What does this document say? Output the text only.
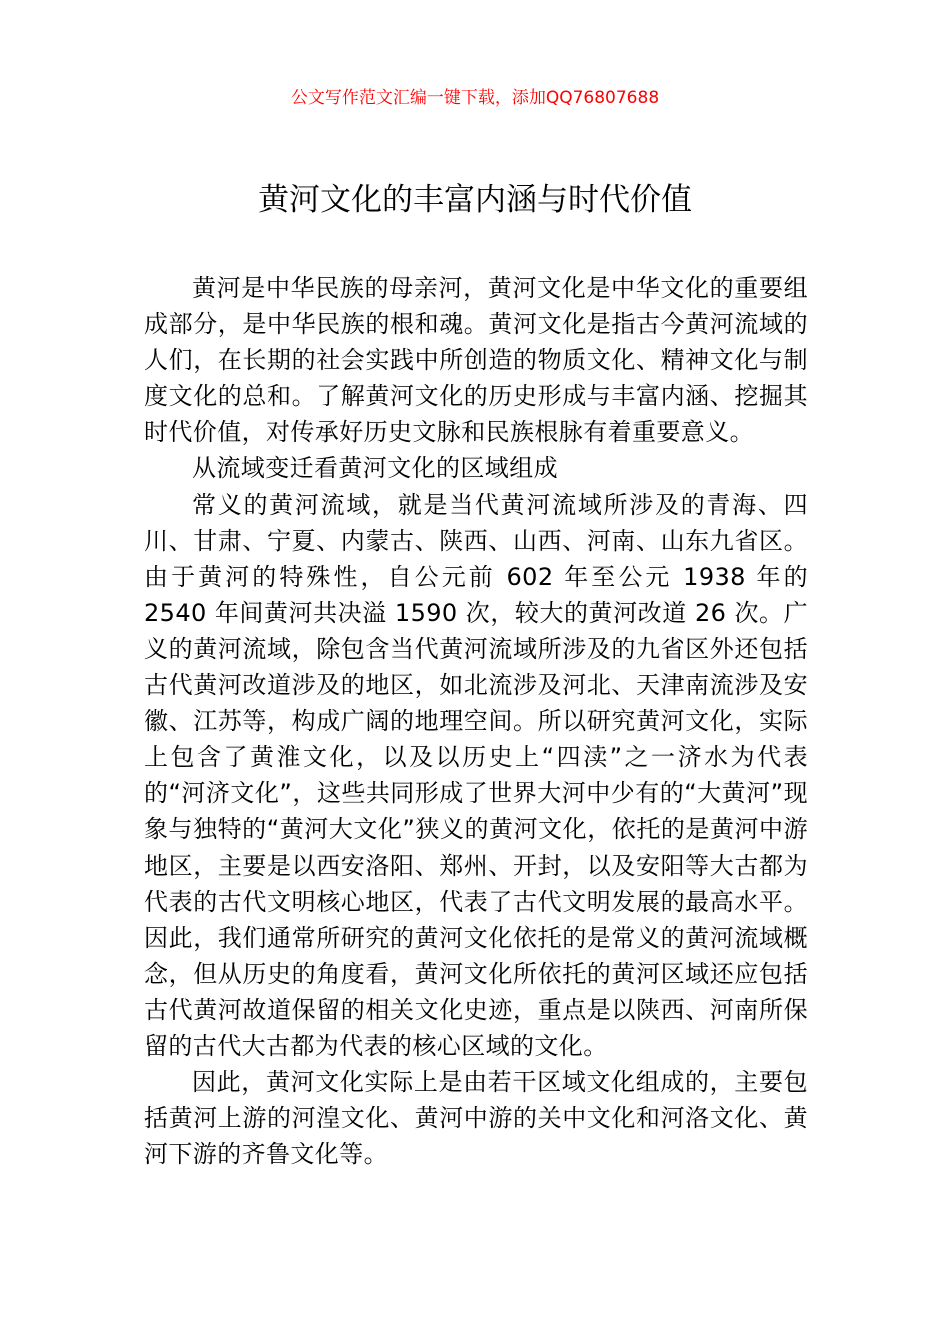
公文写作范文汇编一键下载，添加QQ76807688
黄河文化的丰富内涵与时代价值

黄河是中华民族的母亲河，黄河文化是中华文化的重要组成部分，是中华民族的根和魂。黄河文化是指古今黄河流域的人们，在长期的社会实践中所创造的物质文化、精神文化与制度文化的总和。了解黄河文化的历史形成与丰富内涵、挖掘其时代价值，对传承好历史文脉和民族根脉有着重要意义。

从流域变迁看黄河文化的区域组成

常义的黄河流域，就是当代黄河流域所涉及的青海、四川、甘肃、宁夏、内蒙古、陕西、山西、河南、山东九省区。由于黄河的特殊性，自公元前 602 年至公元 1938 年的 2540 年间黄河共决溢 1590 次，较大的黄河改道 26 次。广义的黄河流域，除包含当代黄河流域所涉及的九省区外还包括古代黄河改道涉及的地区，如北流涉及河北、天津南流涉及安徽、江苏等，构成广阔的地理空间。所以研究黄河文化，实际上包含了黄淮文化，以及以历史上“四渎”之一济水为代表的“河济文化”，这些共同形成了世界大河中少有的“大黄河”现象与独特的“黄河大文化”狭义的黄河文化，依托的是黄河中游地区，主要是以西安洛阳、郑州、开封，以及安阳等大古都为代表的古代文明核心地区，代表了古代文明发展的最高水平。因此，我们通常所研究的黄河文化依托的是常义的黄河流域概念，但从历史的角度看，黄河文化所依托的黄河区域还应包括古代黄河故道保留的相关文化史迹，重点是以陕西、河南所保留的古代大古都为代表的核心区域的文化。

因此，黄河文化实际上是由若干区域文化组成的，主要包括黄河上游的河湟文化、黄河中游的关中文化和河洛文化、黄河下游的齐鲁文化等。
